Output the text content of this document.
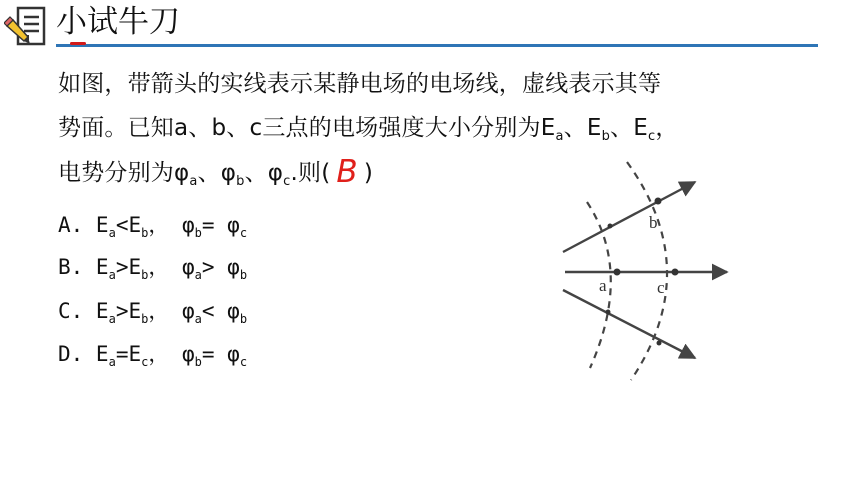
小试牛刀
如图，带箭头的实线表示某静电场的电场线，虚线表示其等
势面。已知a、b、c三点的电场强度大小分别为$E_a$、$E_b$、$E_c$，
电势分别为$\varphi_a$、$\varphi_b$、$\varphi_c$.则( B )
A. $E_a<E_b$， $\varphi_b= \varphi_c$
B. $E_a>E_b$， $\varphi_a> \varphi_b$
C. $E_a>E_b$， $\varphi_a< \varphi_b$
D. $E_a=E_c$， $\varphi_b= \varphi_c$
a	c
b
